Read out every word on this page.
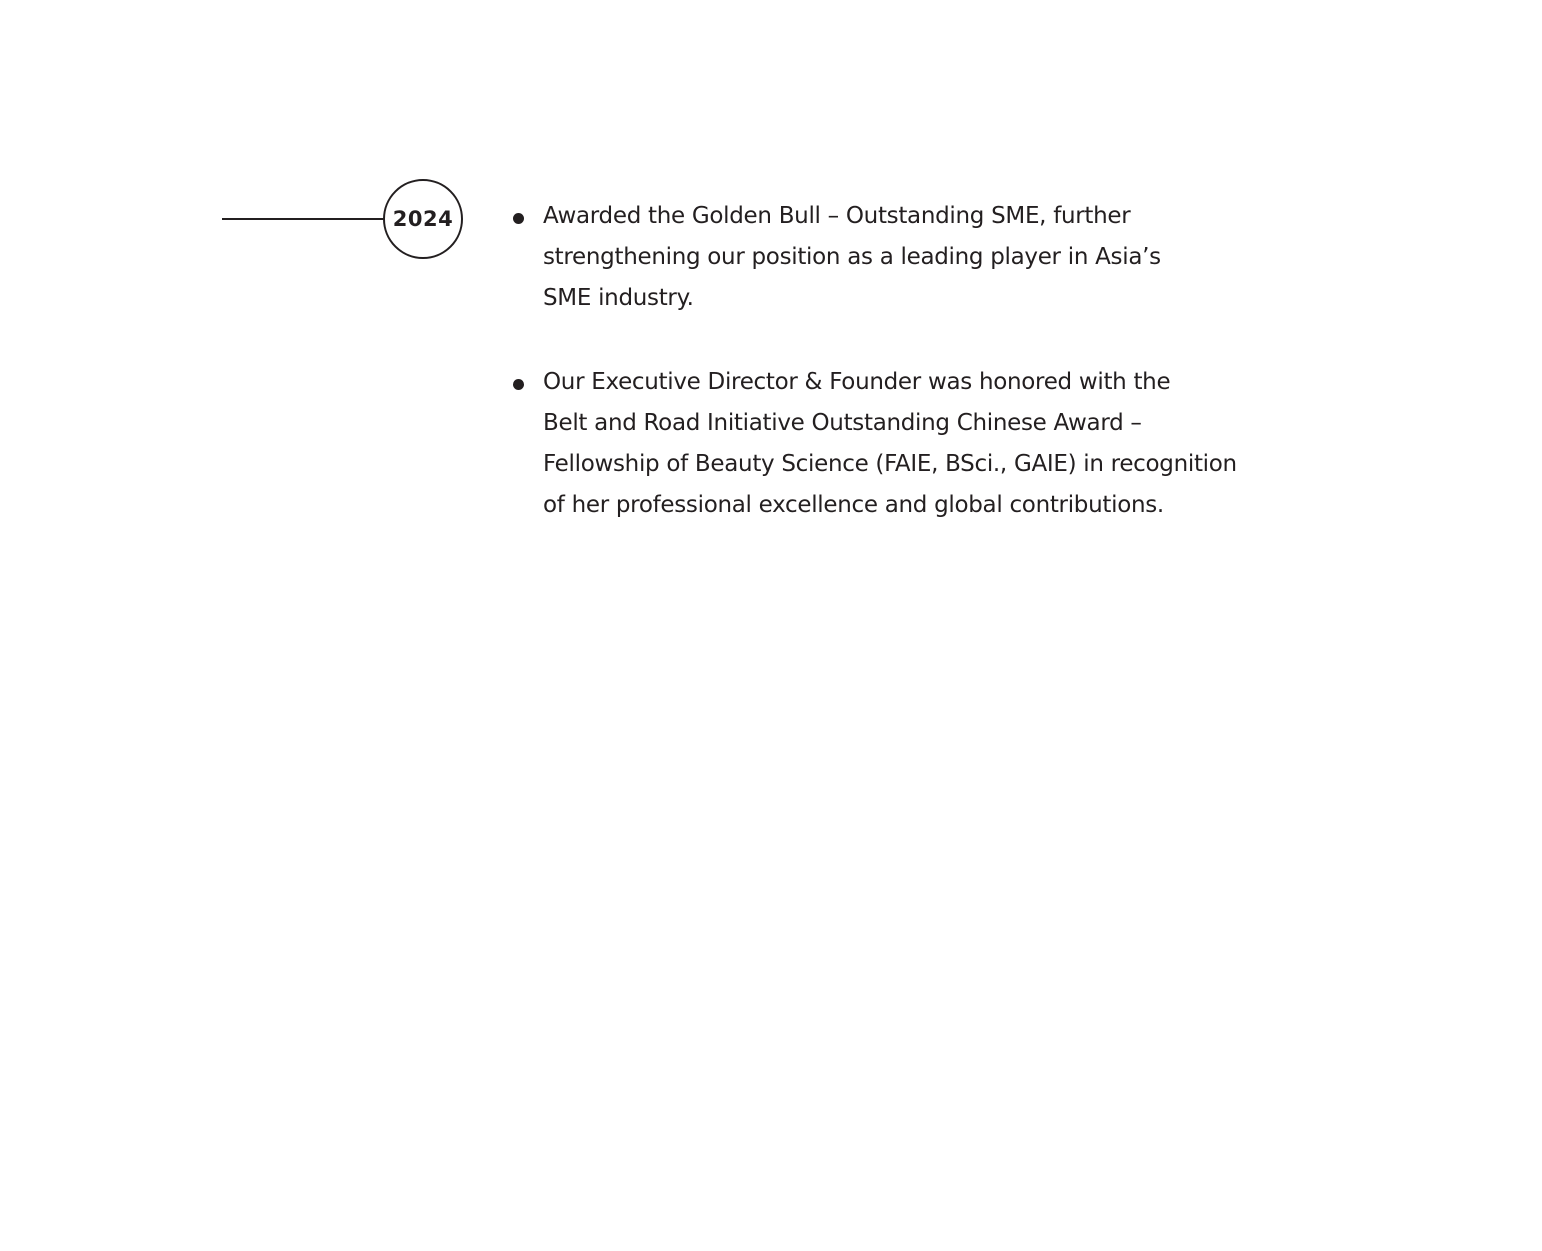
2024	Awarded the Golden Bull – Outstanding SME, further
strengthening our position as a leading player in Asia’s
SME industry.
Our Executive Director & Founder was honored with the
Belt and Road Initiative Outstanding Chinese Award –
Fellowship of Beauty Science (FAIE, BSci., GAIE) in recognition
of her professional excellence and global contributions.
